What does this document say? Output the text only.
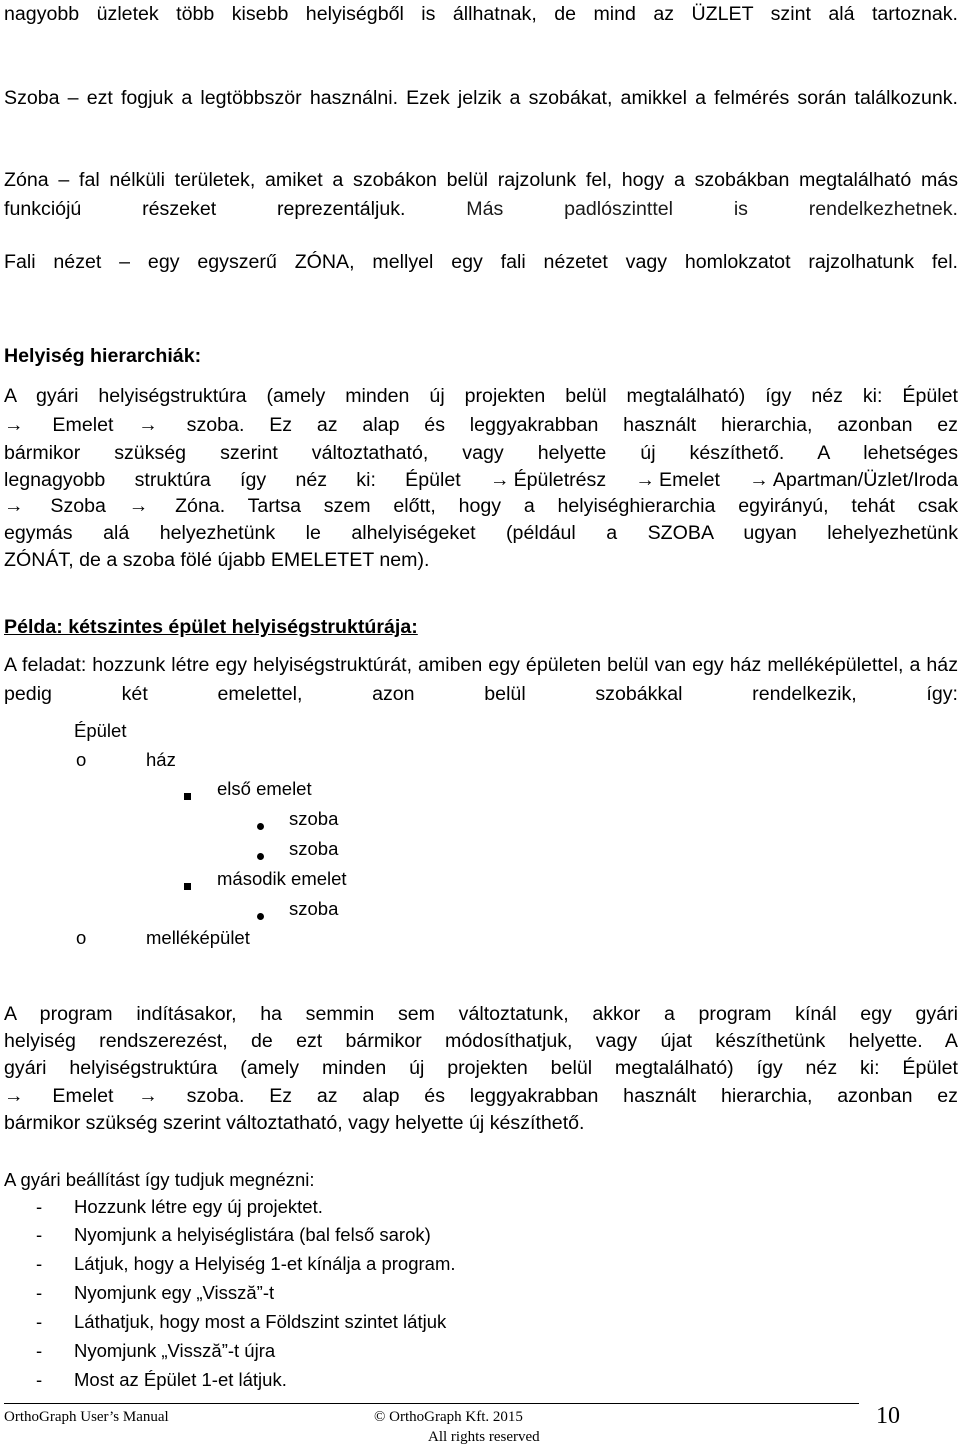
nagyobb üzletek több kisebb helyiségből is állhatnak, de mind az ÜZLET szint alá tartoznak.

Szoba – ezt fogjuk a legtöbbször használni. Ezek jelzik a szobákat, amikkel a felmérés során találkozunk.

Zóna – fal nélküli területek, amiket a szobákon belül rajzolunk fel, hogy a szobákban megtalálható más funkciójú részeket reprezentáljuk.	Más padlószinttel is rendelkezhetnek.

Fali nézet – egy egyszerű ZÓNA, mellyel egy fali nézetet vagy homlokzatot rajzolhatunk fel.

Helyiség hierarchiák:

A gyári helyiségstruktúra (amely minden új projekten belül megtalálható) így néz ki: Épület

→ Emelet → szoba. Ez az alap és leggyakrabban használt hierarchia, azonban ez

bármikor szükség szerint változtatható, vagy helyette új készíthető. A lehetséges

legnagyobb struktúra így néz ki: Épület → Épületrész → Emelet → Apartman/Üzlet/Iroda

→ Szoba → Zóna. Tartsa szem előtt, hogy a helyiséghierarchia egyirányú, tehát csak

egymás alá helyezhetünk le alhelyiségeket (például a SZOBA ugyan lehelyezhetünk

ZÓNÁT, de a szoba fölé újabb EMELETET nem).

Példa: kétszintes épület helyiségstruktúrája:

A feladat: hozzunk létre egy helyiségstruktúrát, amiben egy épületen belül van egy ház melléképülettel, a ház pedig két emelettel, azon belül szobákkal rendelkezik, így:

Épület
o	ház
első emelet
szoba
szoba
második emelet
szoba
o	melléképület

A program indításakor, ha semmin sem változtatunk, akkor a program kínál egy gyári

helyiség rendszerezést, de ezt bármikor módosíthatjuk, vagy újat készíthetünk helyette. A

gyári helyiségstruktúra (amely minden új projekten belül megtalálható) így néz ki: Épület

→ Emelet → szoba. Ez az alap és leggyakrabban használt hierarchia, azonban ez

bármikor szükség szerint változtatható, vagy helyette új készíthető.

A gyári beállítást így tudjuk megnézni:

- Hozzunk létre egy új projektet.
- Nyomjunk a helyiséglistára (bal felső sarok)
- Látjuk, hogy a Helyiség 1-et kínálja a program.
- Nyomjunk egy „Vissză”-t
- Láthatjuk, hogy most a Földszint szintet látjuk
- Nyomjunk „Vissză”-t újra
- Most az Épület 1-et látjuk.
OrthoGraph User’s Manual	© OrthoGraph Kft. 2015
All rights reserved
10
